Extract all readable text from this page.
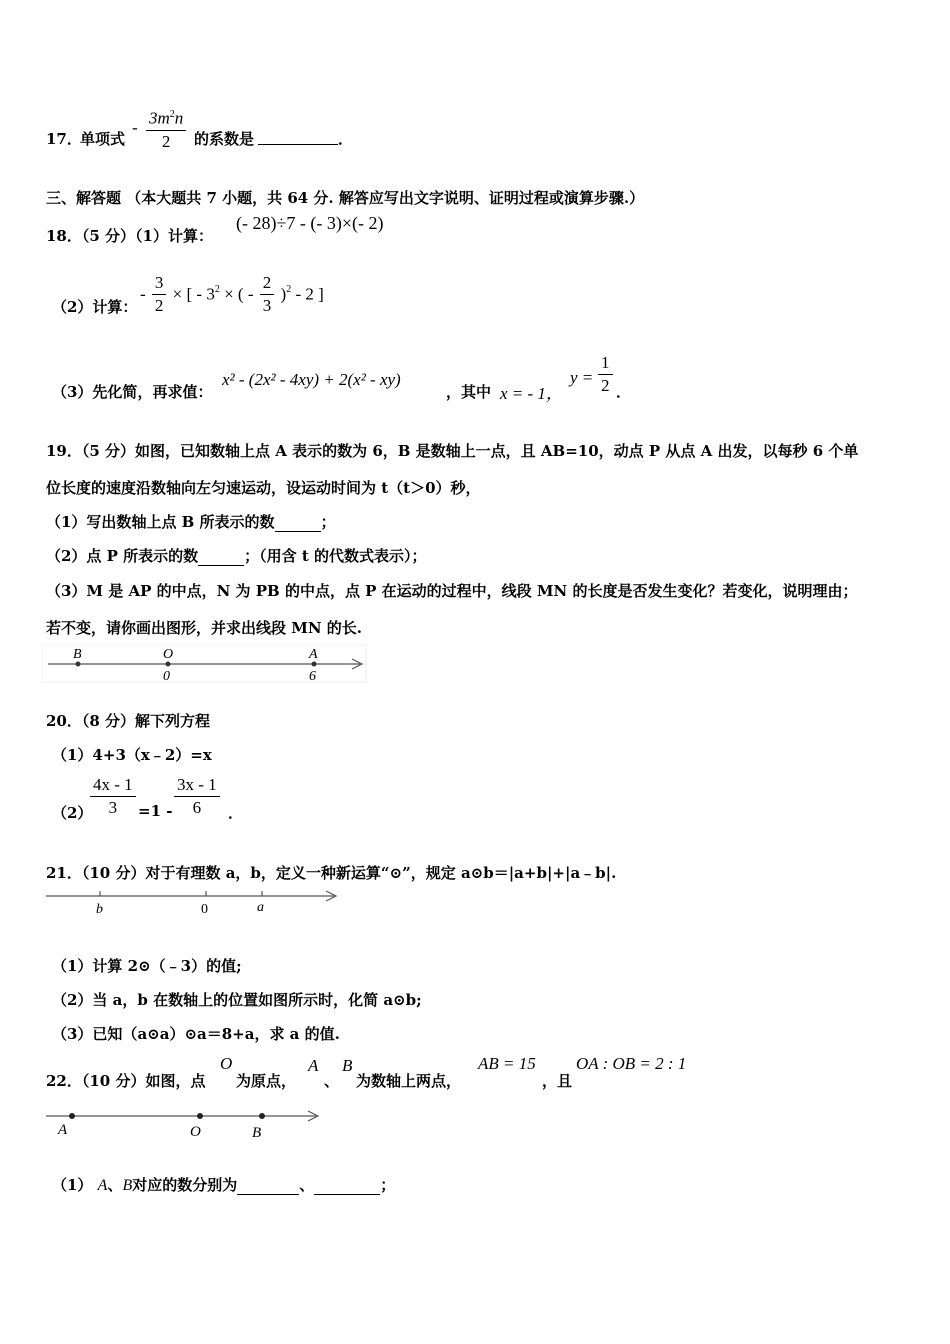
17．
单项式
- $\frac{3m^2n}{2}$ 的系数是	．
三、解答题 （本大题共 7 小题，共 64 分. 解答应写出文字说明、证明过程或演算步骤.）
18．（5 分）（1）计算：
(- 28)÷7 - (- 3)×(- 2)
（2）计算：
- $\frac{3}{2}$ × [ - $3^2$ × ( - $\frac{2}{3} )^2 - 2$ ]
（3）先化简，再求值：
x² - (2x² - 4xy) + 2(x² - xy)
，其中 x = - 1，
$y = \frac{1}{2}$ ．
19．（5 分）如图，已知数轴上点 A 表示的数为 6，B 是数轴上一点，且 AB=10，动点 P 从点 A 出发，以每秒 6 个单
位长度的速度沿数轴向左匀速运动，设运动时间为 t（t＞0）秒，
（1）写出数轴上点 B 所表示的数	；
（2）点 P 所表示的数	；（用含 t 的代数式表示）；
（3）M 是 AP 的中点，N 为 PB 的中点，点 P 在运动的过程中，线段 MN 的长度是否发生变化？若变化，说明理由；
若不变，请你画出图形，并求出线段 MN 的长.
B	O	A
0	6
20．（8 分）解下列方程
（1）4+3（x﹣2）=x
（2）
$\frac{4x - 1}{3} =1 - \frac{3x - 1}{6}$ ．
21．（10 分）对于有理数 a，b，定义一种新运算“⊙”，规定 a⊙b＝|a+b|+|a﹣b|.
b	0	a
（1）计算 2⊙（﹣3）的值;
（2）当 a，b 在数轴上的位置如图所示时，化简 a⊙b;
（3）已知（a⊙a）⊙a＝8+a，求 a 的值.
22．（10 分）如图，点
O
为原点，
A
、
B
为数轴上两点，
AB = 15
，且
OA : OB = 2 : 1
A	O	B
（1） A、B对应的数分别为	、	；
